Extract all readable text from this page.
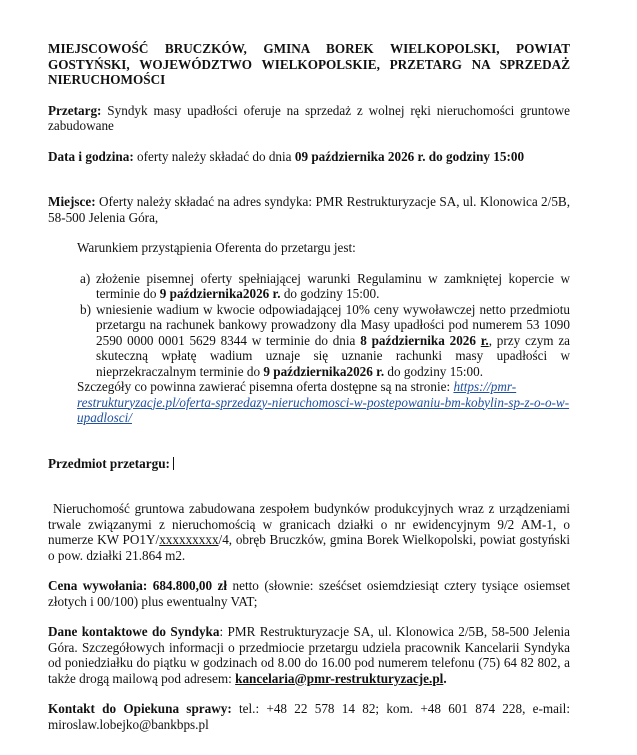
MIEJSCOWOŚĆ BRUCZKÓW, GMINA BOREK WIELKOPOLSKI, POWIAT GOSTYŃSKI, WOJEWÓDZTWO WIELKOPOLSKIE, PRZETARG NA SPRZEDAŻ NIERUCHOMOŚCI

Przetarg: Syndyk masy upadłości oferuje na sprzedaż z wolnej ręki nieruchomości gruntowe zabudowane

Data i godzina: oferty należy składać do dnia 09 października 2026 r. do godziny 15:00

Miejsce: Oferty należy składać na adres syndyka: PMR Restrukturyzacje SA, ul. Klonowica 2/5B, 58-500 Jelenia Góra,

Warunkiem przystąpienia Oferenta do przetargu jest:

a) złożenie pisemnej oferty spełniającej warunki Regulaminu w zamkniętej kopercie w terminie do 9 października2026 r. do godziny 15:00.
b) wniesienie wadium w kwocie odpowiadającej 10% ceny wywoławczej netto przedmiotu przetargu na rachunek bankowy prowadzony dla Masy upadłości pod numerem 53 1090 2590 0000 0001 5629 8344 w terminie do dnia 8 października 2026 r., przy czym za skuteczną wpłatę wadium uznaje się uznanie rachunki masy upadłości w nieprzekraczalnym terminie do 9 października2026 r. do godziny 15:00.

Szczegóły co powinna zawierać pisemna oferta dostępne są na stronie: https://pmr-restrukturyzacje.pl/oferta-sprzedazy-nieruchomosci-w-postepowaniu-bm-kobylin-sp-z-o-o-w-upadlosci/

Przedmiot przetargu:

Nieruchomość gruntowa zabudowana zespołem budynków produkcyjnych wraz z urządzeniami trwale związanymi z nieruchomością w granicach działki o nr ewidencyjnym 9/2 AM-1, o numerze KW PO1Y/xxxxxxxxx/4, obręb Bruczków, gmina Borek Wielkopolski, powiat gostyński o pow. działki 21.864 m2.

Cena wywołania: 684.800,00 zł netto (słownie: sześćset osiemdziesiąt cztery tysiące osiemset złotych i 00/100) plus ewentualny VAT;

Dane kontaktowe do Syndyka: PMR Restrukturyzacje SA, ul. Klonowica 2/5B, 58-500 Jelenia Góra. Szczegółowych informacji o przedmiocie przetargu udziela pracownik Kancelarii Syndyka od poniedziałku do piątku w godzinach od 8.00 do 16.00 pod numerem telefonu (75) 64 82 802, a także drogą mailową pod adresem: kancelaria@pmr-restrukturyzacje.pl.

Kontakt do Opiekuna sprawy: tel.: +48 22 578 14 82; kom. +48 601 874 228, e-mail: miroslaw.lobejko@bankbps.pl
